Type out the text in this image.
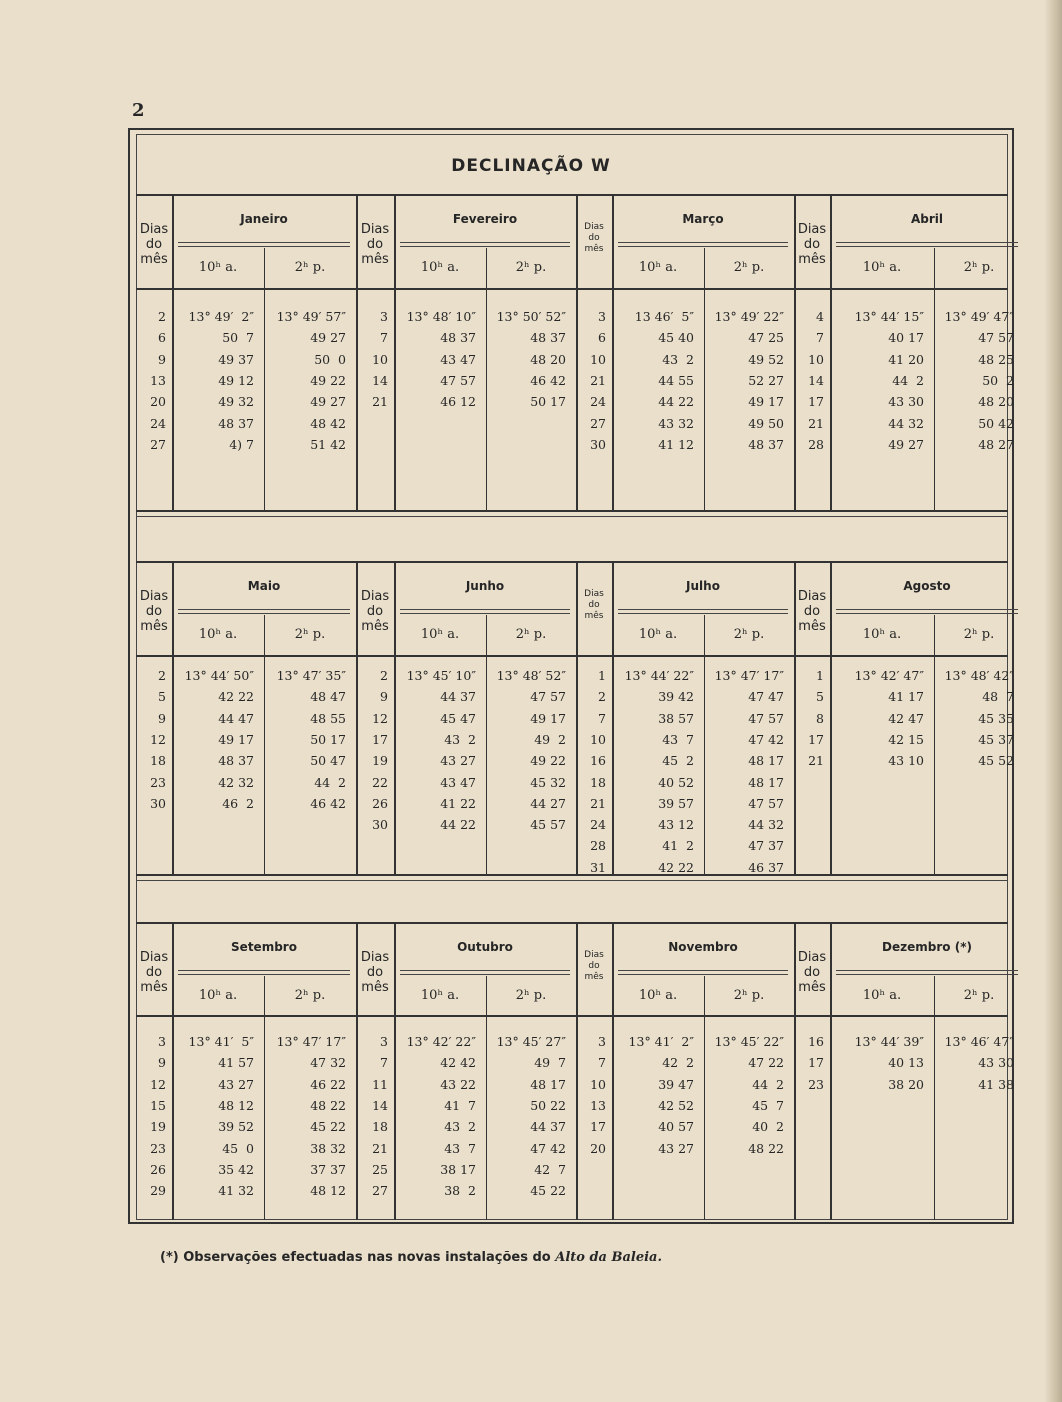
2
DECLINAÇÃO W
Dias
do
mês
Janeiro
10ʰ a.	2ʰ p.
2	13° 49′  2″	13° 49′ 57″
6	50  7	49 27
9	49 37	50  0
13	49 12	49 22
20	49 32	49 27
24	48 37	48 42
27	4) 7	51 42
Dias
do
mês
Fevereiro
10ʰ a.	2ʰ p.
3	13° 48′ 10″	13° 50′ 52″
7	48 37	48 37
10	43 47	48 20
14	47 57	46 42
21	46 12	50 17
Dias
do
mês
Março
10ʰ a.	2ʰ p.
3	13 46′  5″	13° 49′ 22″
6	45 40	47 25
10	43  2	49 52
21	44 55	52 27
24	44 22	49 17
27	43 32	49 50
30	41 12	48 37
Dias
do
mês
Abril
10ʰ a.	2ʰ p.
4	13° 44′ 15″	13° 49′ 47″
7	40 17	47 57
10	41 20	48 25
14	44  2	50  2
17	43 30	48 20
21	44 32	50 42
28	49 27	48 27
Dias
do
mês
Maio
10ʰ a.	2ʰ p.
2	13° 44′ 50″	13° 47′ 35″
5	42 22	48 47
9	44 47	48 55
12	49 17	50 17
18	48 37	50 47
23	42 32	44  2
30	46  2	46 42
Dias
do
mês
Junho
10ʰ a.	2ʰ p.
2	13° 45′ 10″	13° 48′ 52″
9	44 37	47 57
12	45 47	49 17
17	43  2	49  2
19	43 27	49 22
22	43 47	45 32
26	41 22	44 27
30	44 22	45 57
Dias
do
mês
Julho
10ʰ a.	2ʰ p.
1	13° 44′ 22″	13° 47′ 17″
2	39 42	47 47
7	38 57	47 57
10	43  7	47 42
16	45  2	48 17
18	40 52	48 17
21	39 57	47 57
24	43 12	44 32
28	41  2	47 37
31	42 22	46 37
Dias
do
mês
Agosto
10ʰ a.	2ʰ p.
1	13° 42′ 47″	13° 48′ 42″
5	41 17	48  7
8	42 47	45 35
17	42 15	45 37
21	43 10	45 52
Dias
do
mês
Setembro
10ʰ a.	2ʰ p.
3	13° 41′  5″	13° 47′ 17″
9	41 57	47 32
12	43 27	46 22
15	48 12	48 22
19	39 52	45 22
23	45  0	38 32
26	35 42	37 37
29	41 32	48 12
Dias
do
mês
Outubro
10ʰ a.	2ʰ p.
3	13° 42′ 22″	13° 45′ 27″
7	42 42	49  7
11	43 22	48 17
14	41  7	50 22
18	43  2	44 37
21	43  7	47 42
25	38 17	42  7
27	38  2	45 22
Dias
do
mês
Novembro
10ʰ a.	2ʰ p.
3	13° 41′  2″	13° 45′ 22″
7	42  2	47 22
10	39 47	44  2
13	42 52	45  7
17	40 57	40  2
20	43 27	48 22
Dias
do
mês
Dezembro (*)
10ʰ a.	2ʰ p.
16	13° 44′ 39″	13° 46′ 47″
17	40 13	43 30
23	38 20	41 38
(*) Observações efectuadas nas novas instalações do Alto da Baleia.
